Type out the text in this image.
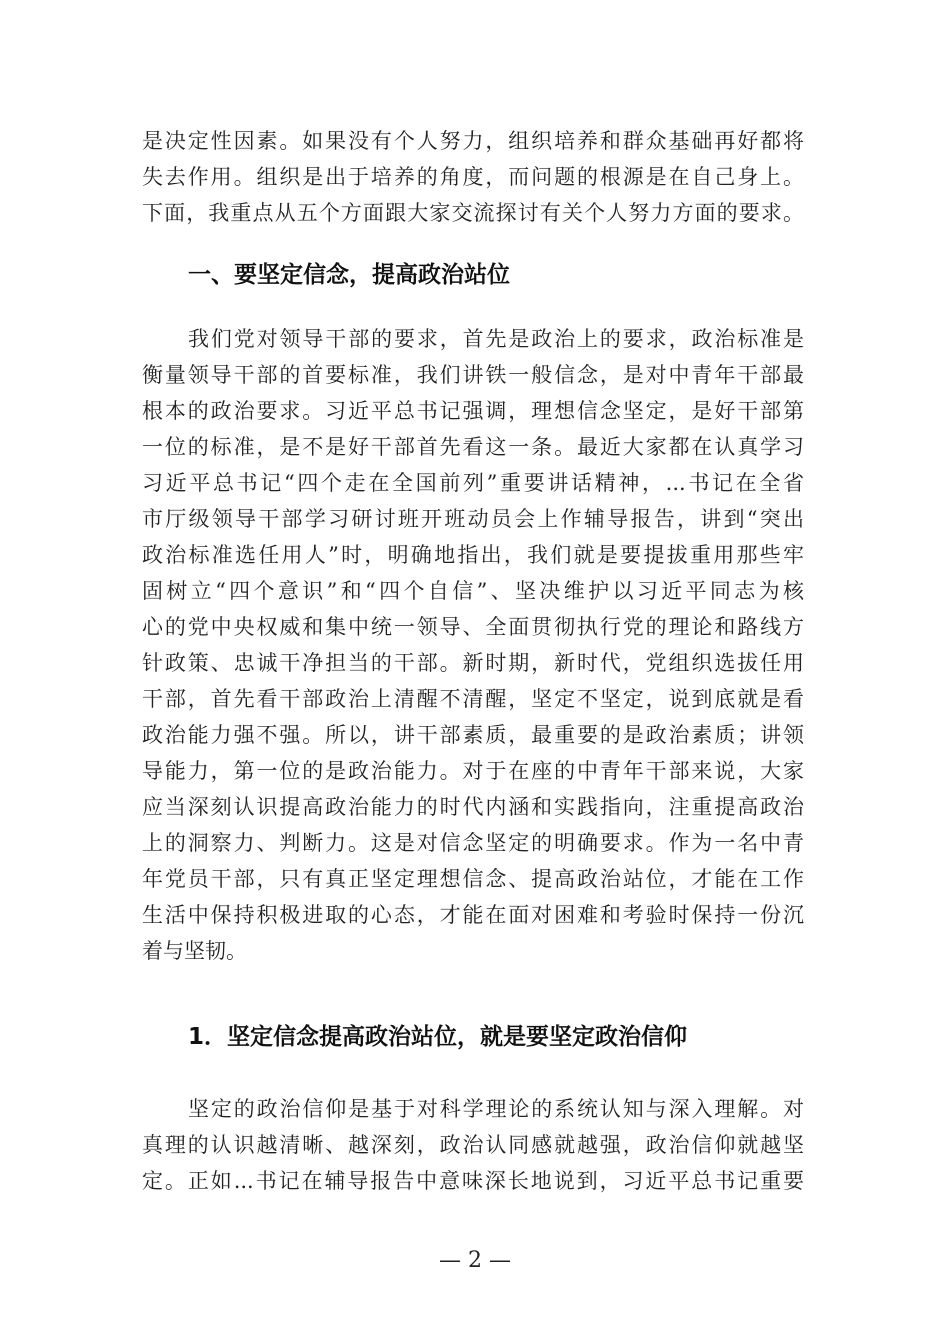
是决定性因素。如果没有个人努力，组织培养和群众基础再好都将
失去作用。组织是出于培养的角度，而问题的根源是在自己身上。
下面，我重点从五个方面跟大家交流探讨有关个人努力方面的要求。
一、要坚定信念，提高政治站位
我们党对领导干部的要求，首先是政治上的要求，政治标准是
衡量领导干部的首要标准，我们讲铁一般信念，是对中青年干部最
根本的政治要求。习近平总书记强调，理想信念坚定，是好干部第
一位的标准，是不是好干部首先看这一条。最近大家都在认真学习
习近平总书记“四个走在全国前列”重要讲话精神，...书记在全省
市厅级领导干部学习研讨班开班动员会上作辅导报告，讲到“突出
政治标准选任用人”时，明确地指出，我们就是要提拔重用那些牢
固树立“四个意识”和“四个自信”、坚决维护以习近平同志为核
心的党中央权威和集中统一领导、全面贯彻执行党的理论和路线方
针政策、忠诚干净担当的干部。新时期，新时代，党组织选拔任用
干部，首先看干部政治上清醒不清醒，坚定不坚定，说到底就是看
政治能力强不强。所以，讲干部素质，最重要的是政治素质；讲领
导能力，第一位的是政治能力。对于在座的中青年干部来说，大家
应当深刻认识提高政治能力的时代内涵和实践指向，注重提高政治
上的洞察力、判断力。这是对信念坚定的明确要求。作为一名中青
年党员干部，只有真正坚定理想信念、提高政治站位，才能在工作
生活中保持积极进取的心态，才能在面对困难和考验时保持一份沉
着与坚韧。
1．坚定信念提高政治站位，就是要坚定政治信仰
坚定的政治信仰是基于对科学理论的系统认知与深入理解。对
真理的认识越清晰、越深刻，政治认同感就越强，政治信仰就越坚
定。正如...书记在辅导报告中意味深长地说到，习近平总书记重要
— 2 —
